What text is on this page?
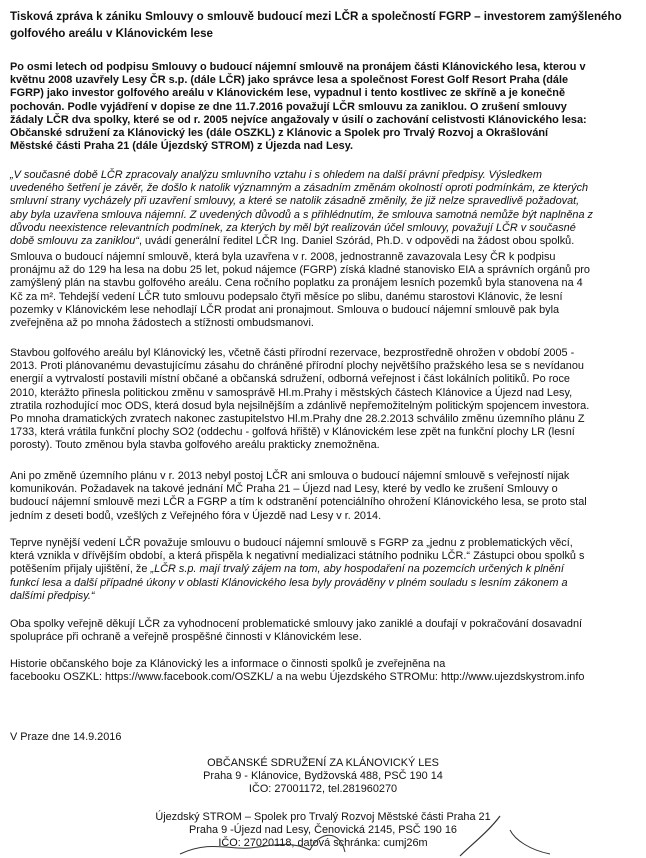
Tisková zpráva k zániku Smlouvy o smlouvě budoucí mezi LČR a společností FGRP – investorem zamýšleného
golfového areálu v Klánovickém lese
Po osmi letech od podpisu Smlouvy o budoucí nájemní smlouvě na pronájem části Klánovického lesa, kterou v
květnu 2008 uzavřely Lesy ČR s.p. (dále LČR) jako správce lesa a společnost Forest Golf Resort Praha (dále
FGRP) jako investor golfového areálu v Klánovickém lese, vypadnul i tento kostlivec ze skříně a je konečně
pochován. Podle vyjádření v dopise ze dne 11.7.2016 považují LČR smlouvu za zaniklou. O zrušení smlouvy
žádaly LČR dva spolky, které se od r. 2005 nejvíce angažovaly v úsilí o zachování celistvosti Klánovického lesa:
Občanské sdružení za Klánovický les (dále OSZKL) z Klánovic a Spolek pro Trvalý Rozvoj a Okrašlování
Městské části Praha 21 (dále Újezdský STROM) z Újezda nad Lesy.
„V současné době LČR zpracovaly analýzu smluvního vztahu i s ohledem na další právní předpisy. Výsledkem
uvedeného šetření je závěr, že došlo k natolik významným a zásadním změnám okolností oproti podmínkám, ze kterých
smluvní strany vycházely při uzavření smlouvy, a které se natolik zásadně změnily, že již nelze spravedlivě požadovat,
aby byla uzavřena smlouva nájemní. Z uvedených důvodů a s přihlédnutím, že smlouva samotná nemůže být naplněna z
důvodu neexistence relevantních podmínek, za kterých by měl být realizován účel smlouvy, považují LČR v současné
době smlouvu za zaniklou“, uvádí generální ředitel LČR Ing. Daniel Szórád, Ph.D. v odpovědi na žádost obou spolků.
Smlouva o budoucí nájemní smlouvě, která byla uzavřena v r. 2008, jednostranně zavazovala Lesy ČR k podpisu
pronájmu až do 129 ha lesa na dobu 25 let, pokud nájemce (FGRP) získá kladné stanovisko EIA a správních orgánů pro
zamýšlený plán na stavbu golfového areálu. Cena ročního poplatku za pronájem lesních pozemků byla stanovena na 4
Kč za m². Tehdejší vedení LČR tuto smlouvu podepsalo čtyři měsíce po slibu, danému starostovi Klánovic, že lesní
pozemky v Klánovickém lese nehodlají LČR prodat ani pronajmout. Smlouva o budoucí nájemní smlouvě pak byla
zveřejněna až po mnoha žádostech a stížnosti ombudsmanovi.
Stavbou golfového areálu byl Klánovický les, včetně části přírodní rezervace, bezprostředně ohrožen v období 2005 -
2013. Proti plánovanému devastujícímu zásahu do chráněné přírodní plochy největšího pražského lesa se s nevídanou
energií a vytrvalostí postavili místní občané a občanská sdružení, odborná veřejnost i část lokálních politiků. Po roce
2010, kterážto přinesla politickou změnu v samosprávě Hl.m.Prahy i městských částech Klánovice a Újezd nad Lesy,
ztratila rozhodující moc ODS, která dosud byla nejsilnějším a zdánlivě nepřemožitelným politickým spojencem investora.
Po mnoha dramatických zvratech nakonec zastupitelstvo Hl.m.Prahy dne 28.2.2013 schválilo změnu územního plánu Z
1733, která vrátila funkční plochy SO2 (oddechu - golfová hřiště) v Klánovickém lese zpět na funkční plochy LR (lesní
porosty). Touto změnou byla stavba golfového areálu prakticky znemožněna.
Ani po změně územního plánu v r. 2013 nebyl postoj LČR ani smlouva o budoucí nájemní smlouvě s veřejností nijak
komunikován. Požadavek na takové jednání MČ Praha 21 – Újezd nad Lesy, které by vedlo ke zrušení Smlouvy o
budoucí nájemní smlouvě mezi LČR a FGRP a tím k odstranění potenciálního ohrožení Klánovického lesa, se proto stal
jedním z deseti bodů, vzešlých z Veřejného fóra v Újezdě nad Lesy v r. 2014.
Teprve nynější vedení LČR považuje smlouvu o budoucí nájemní smlouvě s FGRP za „jednu z problematických věcí,
která vznikla v dřívějším období, a která přispěla k negativní medializaci státního podniku LČR.“ Zástupci obou spolků s
potěšením přijaly ujištění, že „LČR s.p. mají trvalý zájem na tom, aby hospodaření na pozemcích určených k plnění
funkcí lesa a další případné úkony v oblasti Klánovického lesa byly prováděny v plném souladu s lesním zákonem a
dalšími předpisy.“
Oba spolky veřejně děkují LČR za vyhodnocení problematické smlouvy jako zaniklé a doufají v pokračování dosavadní
spolupráce při ochraně a veřejně prospěšné činnosti v Klánovickém lese.
Historie občanského boje za Klánovický les a informace o činnosti spolků je zveřejněna na
facebooku OSZKL: https://www.facebook.com/OSZKL/ a na webu Újezdského STROMu: http://www.ujezdskystrom.info
V Praze dne 14.9.2016
OBČANSKÉ SDRUŽENÍ ZA KLÁNOVICKÝ LES
Praha 9 - Klánovice, Bydžovská 488, PSČ 190 14
IČO: 27001172, tel.281960270
Újezdský STROM – Spolek pro Trvalý Rozvoj Městské části Praha 21
Praha 9 -Újezd nad Lesy, Čenovická 2145, PSČ 190 16
IČO: 27020118, datová schránka: cumj26m
